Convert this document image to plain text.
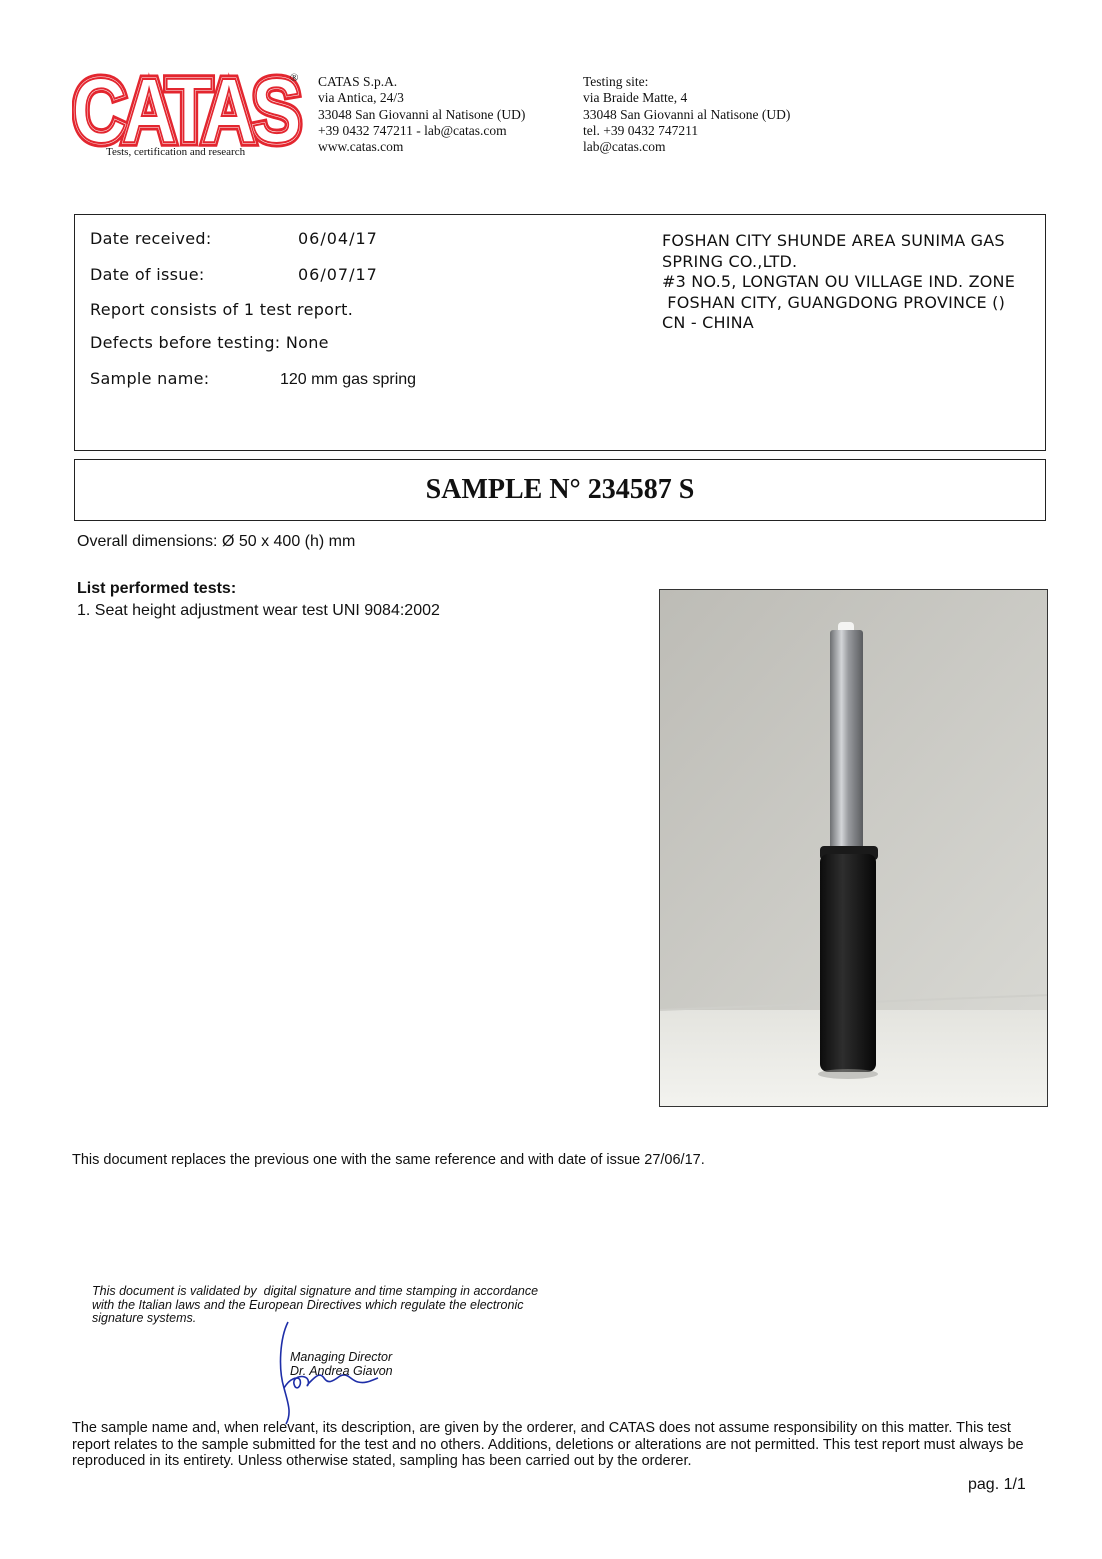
CATAS
CATAS
CATAS
®
Tests, certification and research
CATAS S.p.A.
via Antica, 24/3
33048 San Giovanni al Natisone (UD)
+39 0432 747211 - lab@catas.com
www.catas.com
Testing site:
via Braide Matte, 4
33048 San Giovanni al Natisone (UD)
tel. +39 0432 747211
lab@catas.com
Date received:	06/04/17
Date of issue:	06/07/17
Report consists of 1 test report.
Defects before testing: None
Sample name:	120 mm gas spring
FOSHAN CITY SHUNDE AREA SUNIMA GAS
SPRING CO.,LTD.
#3 NO.5, LONGTAN OU VILLAGE IND. ZONE
FOSHAN CITY, GUANGDONG PROVINCE ()
CN - CHINA
SAMPLE N° 234587 S
Overall dimensions: Ø 50 x 400 (h) mm
List performed tests:
1. Seat height adjustment wear test UNI 9084:2002
This document replaces the previous one with the same reference and with date of issue 27/06/17.
This document is validated by  digital signature and time stamping in accordance
with the Italian laws and the European Directives which regulate the electronic
signature systems.
Managing Director
Dr. Andrea Giavon
The sample name and, when relevant, its description, are given by the orderer, and CATAS does not assume responsibility on this matter. This test report relates to the sample submitted for the test and no others. Additions, deletions or alterations are not permitted. This test report must always be reproduced in its entirety. Unless otherwise stated, sampling has been carried out by the orderer.
pag. 1/1
